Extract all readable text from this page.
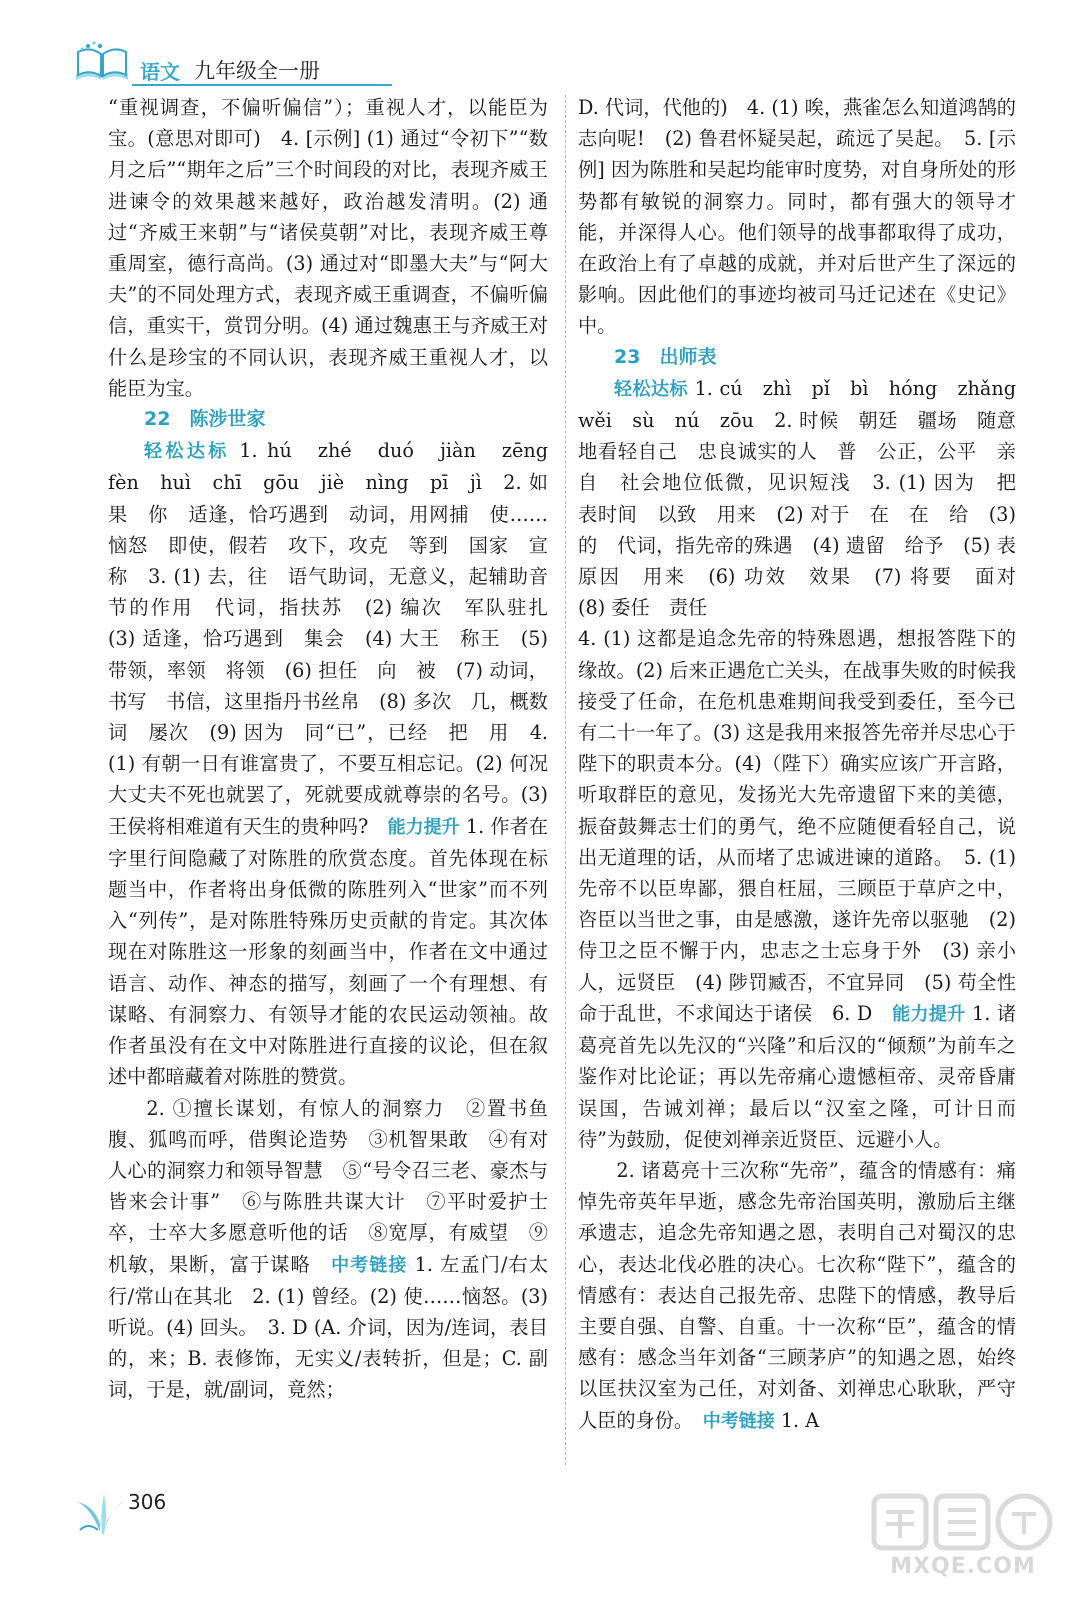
语文 九年级全一册

“重视调查，不偏听偏信”）；重视人才，以能臣为宝。(意思对即可)　4. [示例] (1) 通过“令初下”“数月之后”“期年之后”三个时间段的对比，表现齐威王进谏令的效果越来越好，政治越发清明。(2) 通过“齐威王来朝”与“诸侯莫朝”对比，表现齐威王尊重周室，德行高尚。(3) 通过对“即墨大夫”与“阿大夫”的不同处理方式，表现齐威王重调查，不偏听偏信，重实干，赏罚分明。(4) 通过魏惠王与齐威王对什么是珍宝的不同认识，表现齐威王重视人才，以能臣为宝。

22　陈涉世家

轻松达标 1. hú　zhé　duó　jiàn　zēng　fèn　huì　chī　gōu　jiè　nìng　pī　jì　2. 如果　你　适逢，恰巧遇到　动词，用网捕　使……恼怒　即使，假若　攻下，攻克　等到　国家　宣称　3. (1) 去，往　语气助词，无意义，起辅助音节的作用　代词，指扶苏　(2) 编次　军队驻扎　(3) 适逢，恰巧遇到　集会　(4) 大王　称王　(5) 带领，率领　将领　(6) 担任　向　被　(7) 动词，书写　书信，这里指丹书丝帛　(8) 多次　几，概数词　屡次　(9) 因为　同“已”，已经　把　用　4. (1) 有朝一日有谁富贵了，不要互相忘记。(2) 何况大丈夫不死也就罢了，死就要成就尊崇的名号。(3) 王侯将相难道有天生的贵种吗?　能力提升 1. 作者在字里行间隐藏了对陈胜的欣赏态度。首先体现在标题当中，作者将出身低微的陈胜列入“世家”而不列入“列传”，是对陈胜特殊历史贡献的肯定。其次体现在对陈胜这一形象的刻画当中，作者在文中通过语言、动作、神态的描写，刻画了一个有理想、有谋略、有洞察力、有领导才能的农民运动领袖。故作者虽没有在文中对陈胜进行直接的议论，但在叙述中都暗藏着对陈胜的赞赏。

2. ①擅长谋划，有惊人的洞察力　②置书鱼腹、狐鸣而呼，借舆论造势　③机智果敢　④有对人心的洞察力和领导智慧　⑤“号令召三老、豪杰与皆来会计事”　⑥与陈胜共谋大计　⑦平时爱护士卒，士卒大多愿意听他的话　⑧宽厚，有威望　⑨机敏，果断，富于谋略　中考链接 1. 左孟门/右太行/常山在其北　2. (1) 曾经。(2) 使……恼怒。(3) 听说。(4) 回头。　3. D (A. 介词，因为/连词，表目的，来；B. 表修饰，无实义/表转折，但是；C. 副词，于是，就/副词，竟然；

D. 代词，代他的)　4. (1) 唉，燕雀怎么知道鸿鹄的志向呢!　(2) 鲁君怀疑吴起，疏远了吴起。　5. [示例] 因为陈胜和吴起均能审时度势，对自身所处的形势都有敏锐的洞察力。同时，都有强大的领导才能，并深得人心。他们领导的战事都取得了成功，在政治上有了卓越的成就，并对后世产生了深远的影响。因此他们的事迹均被司马迁记述在《史记》中。

23　出师表

轻松达标 1. cú　zhì　pǐ　bì　hóng　zhǎng　wěi　sù　nú　zōu　2. 时候　朝廷　疆场　随意地看轻自己　忠良诚实的人　普　公正，公平　亲自　社会地位低微，见识短浅　3. (1) 因为　把　表时间　以致　用来　(2) 对于　在　在　给　(3) 的　代词，指先帝的殊遇　(4) 遗留　给予　(5) 表原因　用来　(6) 功效　效果　(7) 将要　面对　(8) 委任　责任

4. (1) 这都是追念先帝的特殊恩遇，想报答陛下的缘故。(2) 后来正遇危亡关头，在战事失败的时候我接受了任命，在危机患难期间我受到委任，至今已有二十一年了。(3) 这是我用来报答先帝并尽忠心于陛下的职责本分。(4)（陛下）确实应该广开言路，听取群臣的意见，发扬光大先帝遗留下来的美德，振奋鼓舞志士们的勇气，绝不应随便看轻自己，说出无道理的话，从而堵了忠诚进谏的道路。　5. (1) 先帝不以臣卑鄙，猥自枉屈，三顾臣于草庐之中，咨臣以当世之事，由是感激，遂许先帝以驱驰　(2) 侍卫之臣不懈于内，忠志之士忘身于外　(3) 亲小人，远贤臣　(4) 陟罚臧否，不宜异同　(5) 苟全性命于乱世，不求闻达于诸侯　6. D　能力提升 1. 诸葛亮首先以先汉的“兴隆”和后汉的“倾颓”为前车之鉴作对比论证；再以先帝痛心遗憾桓帝、灵帝昏庸误国，告诫刘禅；最后以“汉室之隆，可计日而待”为鼓励，促使刘禅亲近贤臣、远避小人。

2. 诸葛亮十三次称“先帝”，蕴含的情感有：痛悼先帝英年早逝，感念先帝治国英明，激励后主继承遗志，追念先帝知遇之恩，表明自己对蜀汉的忠心，表达北伐必胜的决心。七次称“陛下”，蕴含的情感有：表达自己报先帝、忠陛下的情感，教导后主要自强、自警、自重。十一次称“臣”，蕴含的情感有：感念当年刘备“三顾茅庐”的知遇之恩，始终以匡扶汉室为己任，对刘备、刘禅忠心耿耿，严守人臣的身份。　中考链接 1. A

306
MXQE.COM
